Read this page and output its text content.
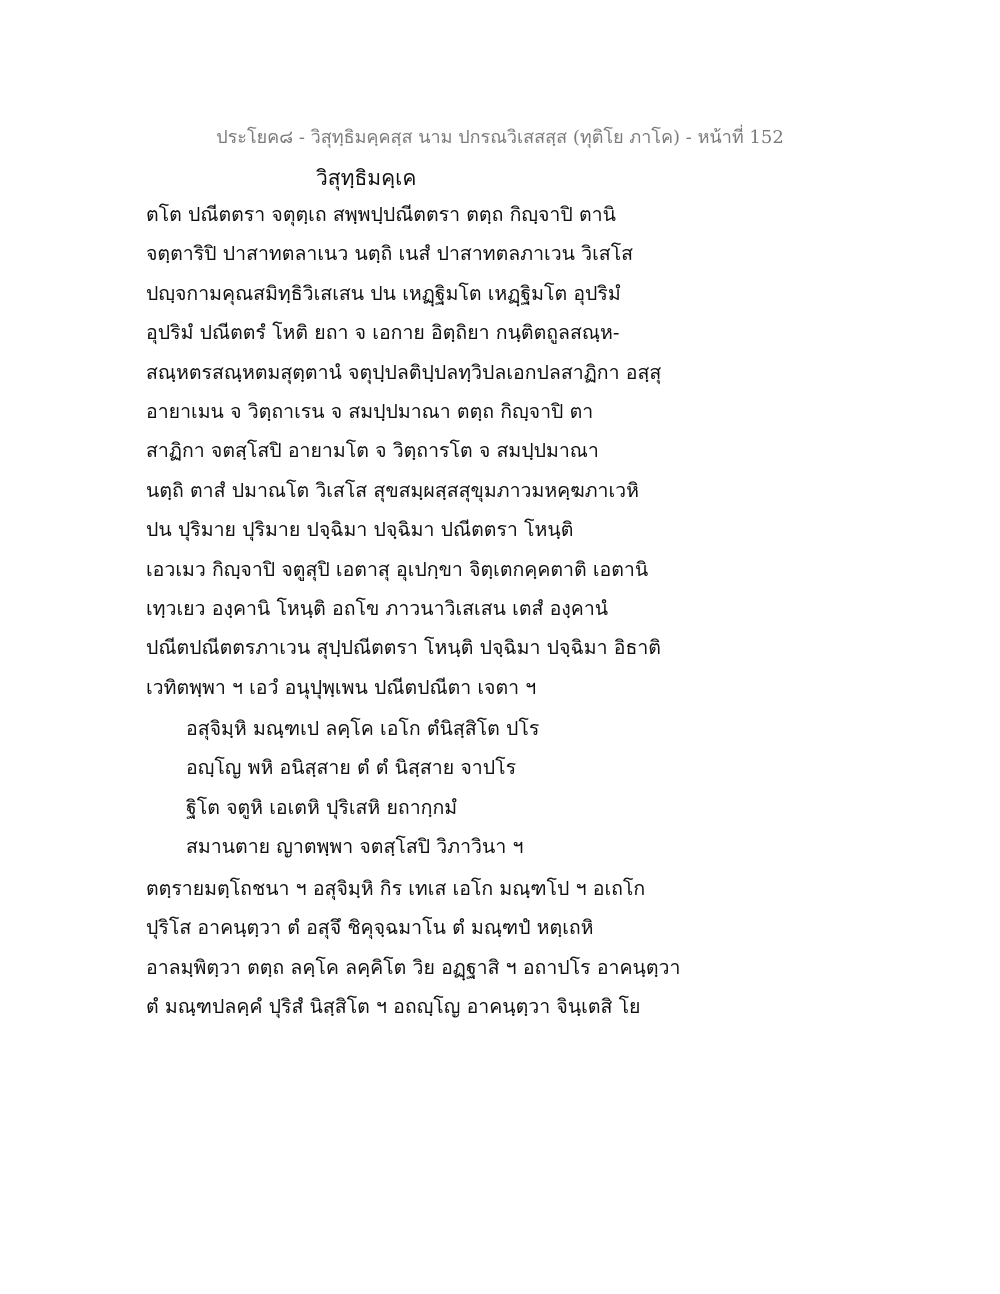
ประโยค๘ - วิสุทฺธิมคฺคสฺส นาม ปกรณวิเสสสฺส (ทุติโย ภาโค) - หน้าที่ 152
วิสุทฺธิมคฺเค
ตโต ปณีตตรา จตุตฺเถ สพฺพปฺปณีตตรา ตตฺถ กิญฺจาปิ ตานิ
จตฺตาริปิ ปาสาทตลาเนว นตฺถิ เนสํ ปาสาทตลภาเวน วิเสโส
ปญฺจกามคุณสมิทฺธิวิเสเสน ปน เหฏฺฐิมโต เหฏฺฐิมโต อุปริมํ
อุปริมํ ปณีตตรํ โหติ ยถา จ เอกาย อิตฺถิยา กนฺติตถูลสณฺห-
สณฺหตรสณฺหตมสุตฺตานํ จตุปฺปลติปฺปลทฺวิปลเอกปลสาฏิกา อสฺสุ
อายาเมน จ วิตฺถาเรน จ สมปฺปมาณา ตตฺถ กิญฺจาปิ ตา
สาฏิกา จตสฺโสปิ อายามโต จ วิตฺถารโต จ สมปฺปมาณา
นตฺถิ ตาสํ ปมาณโต วิเสโส สุขสมฺผสฺสสุขุมภาวมหคฺฆภาเวหิ
ปน ปุริมาย ปุริมาย ปจฺฉิมา ปจฺฉิมา ปณีตตรา โหนฺติ
เอวเมว กิญฺจาปิ จตูสุปิ เอตาสุ อุเปกฺขา จิตฺเตกคฺคตาติ เอตานิ
เทฺวเยว องฺคานิ โหนฺติ อถโข ภาวนาวิเสเสน เตสํ องฺคานํ
ปณีตปณีตตรภาเวน สุปฺปณีตตรา โหนฺติ ปจฺฉิมา ปจฺฉิมา อิธาติ
เวทิตพฺพา ฯ เอวํ อนุปุพฺเพน ปณีตปณีตา เจตา ฯ
อสุจิมฺหิ มณฺฑเป ลคฺโค เอโก ตํนิสฺสิโต ปโร
อญฺโญ พหิ อนิสฺสาย ตํ ตํ นิสฺสาย จาปโร
ฐิโต จตูหิ เอเตหิ ปุริเสหิ ยถากฺกมํ
สมานตาย ญาตพฺพา จตสฺโสปิ วิภาวินา ฯ
ตตฺรายมตฺโถชนา ฯ อสุจิมฺหิ กิร เทเส เอโก มณฺฑโป ฯ อเถโก
ปุริโส อาคนฺตฺวา ตํ อสุจึ ชิคุจฺฉมาโน ตํ มณฺฑปํ หตฺเถหิ
อาลมฺพิตฺวา ตตฺถ ลคฺโค ลคฺคิโต วิย อฏฺฐาสิ ฯ อถาปโร อาคนฺตฺวา
ตํ มณฺฑปลคฺคํ ปุริสํ นิสฺสิโต ฯ อถญฺโญ อาคนฺตฺวา จินฺเตสิ โย
